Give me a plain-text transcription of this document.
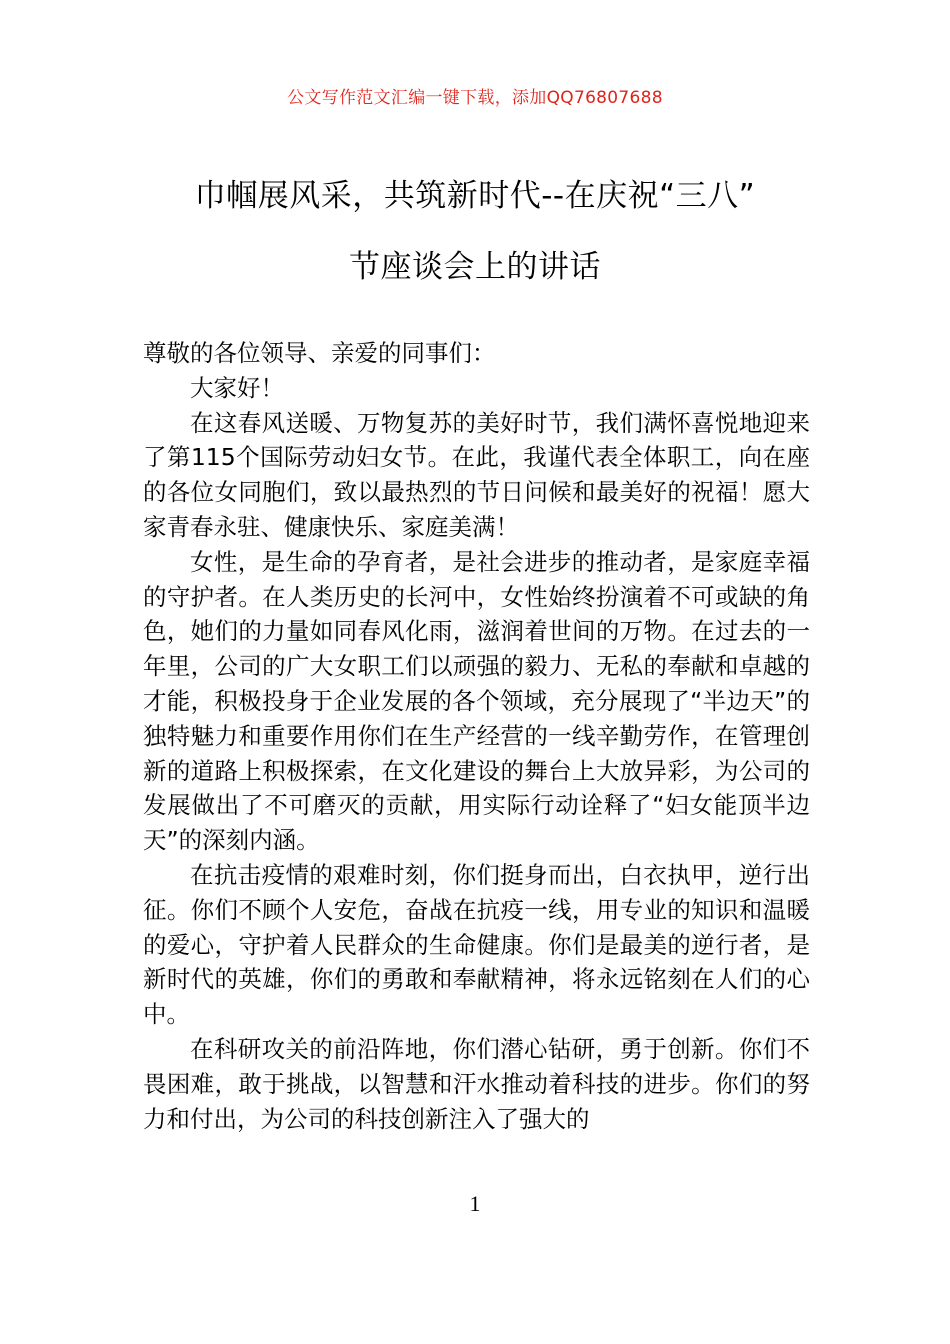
公文写作范文汇编一键下载，添加QQ76807688
巾帼展风采，共筑新时代--在庆祝“三八”
节座谈会上的讲话

尊敬的各位领导、亲爱的同事们：

大家好！

在这春风送暖、万物复苏的美好时节，我们满怀喜悦地迎来了第115个国际劳动妇女节。在此，我谨代表全体职工，向在座的各位女同胞们，致以最热烈的节日问候和最美好的祝福！愿大家青春永驻、健康快乐、家庭美满！

女性，是生命的孕育者，是社会进步的推动者，是家庭幸福的守护者。在人类历史的长河中，女性始终扮演着不可或缺的角色，她们的力量如同春风化雨，滋润着世间的万物。在过去的一年里，公司的广大女职工们以顽强的毅力、无私的奉献和卓越的才能，积极投身于企业发展的各个领域，充分展现了“半边天”的独特魅力和重要作用你们在生产经营的一线辛勤劳作，在管理创新的道路上积极探索，在文化建设的舞台上大放异彩，为公司的发展做出了不可磨灭的贡献，用实际行动诠释了“妇女能顶半边天”的深刻内涵。

在抗击疫情的艰难时刻，你们挺身而出，白衣执甲，逆行出征。你们不顾个人安危，奋战在抗疫一线，用专业的知识和温暖的爱心，守护着人民群众的生命健康。你们是最美的逆行者，是新时代的英雄，你们的勇敢和奉献精神，将永远铭刻在人们的心中。

在科研攻关的前沿阵地，你们潜心钻研，勇于创新。你们不畏困难，敢于挑战，以智慧和汗水推动着科技的进步。你们的努力和付出，为公司的科技创新注入了强大的

1
